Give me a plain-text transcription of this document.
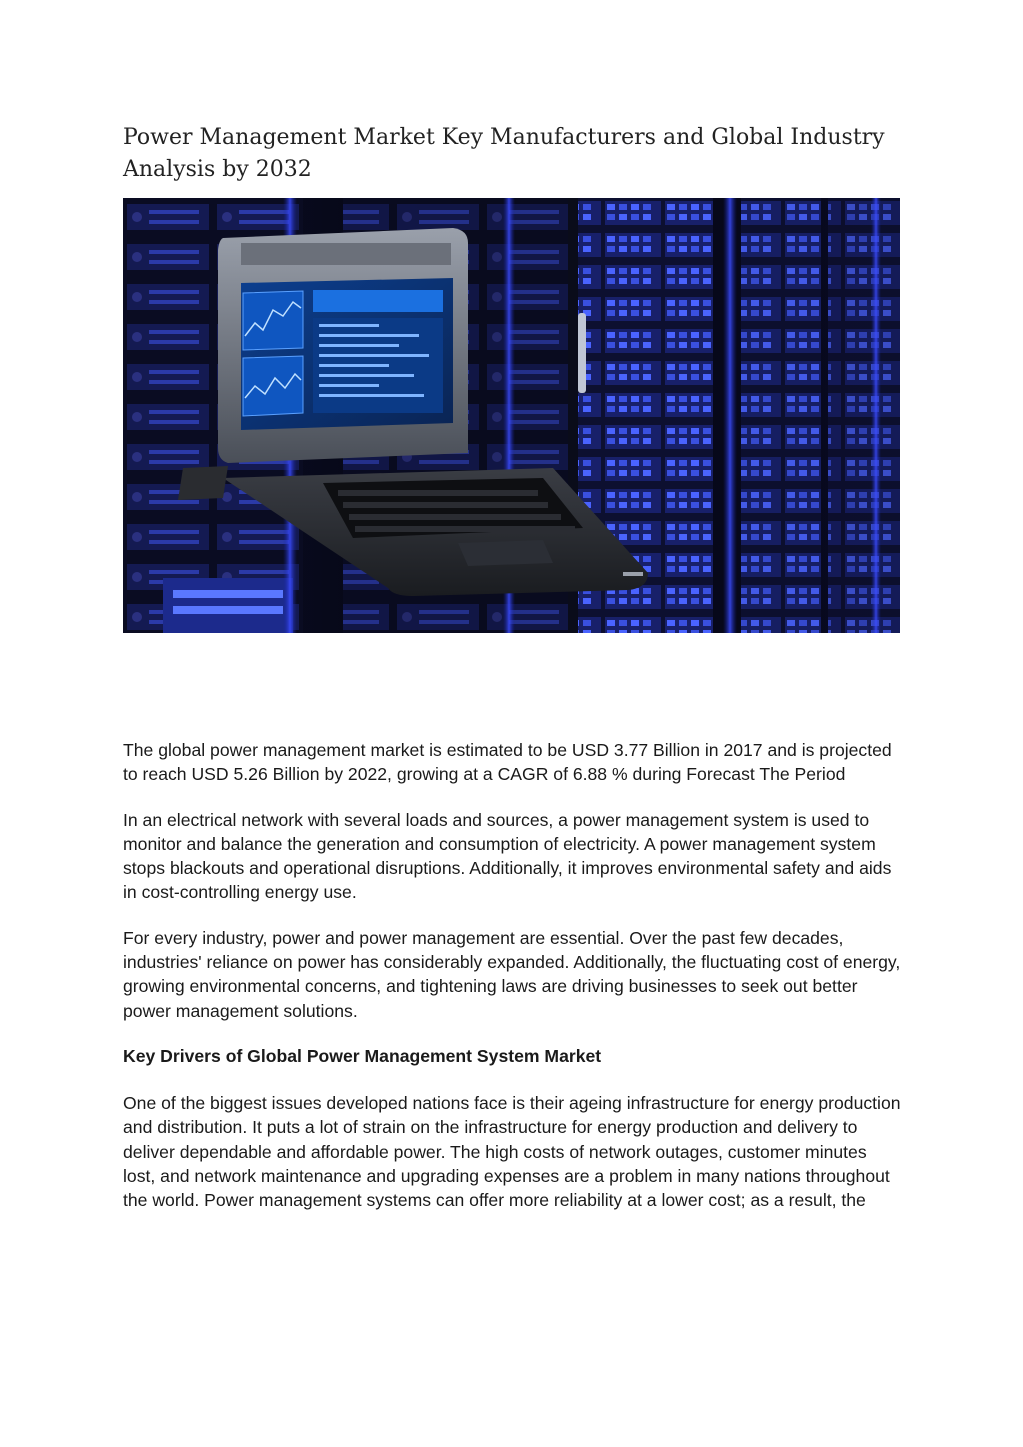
Power Management Market Key Manufacturers and Global Industry Analysis by 2032

The global power management market is estimated to be USD 3.77 Billion in 2017 and is projected to reach USD 5.26 Billion by 2022, growing at a CAGR of 6.88 % during Forecast The Period

In an electrical network with several loads and sources, a power management system is used to monitor and balance the generation and consumption of electricity. A power management system stops blackouts and operational disruptions. Additionally, it improves environmental safety and aids in cost-controlling energy use.

For every industry, power and power management are essential. Over the past few decades, industries' reliance on power has considerably expanded. Additionally, the fluctuating cost of energy, growing environmental concerns, and tightening laws are driving businesses to seek out better power management solutions.

Key Drivers of Global Power Management System Market

One of the biggest issues developed nations face is their ageing infrastructure for energy production and distribution. It puts a lot of strain on the infrastructure for energy production and delivery to deliver dependable and affordable power. The high costs of network outages, customer minutes lost, and network maintenance and upgrading expenses are a problem in many nations throughout the world. Power management systems can offer more reliability at a lower cost; as a result, the
